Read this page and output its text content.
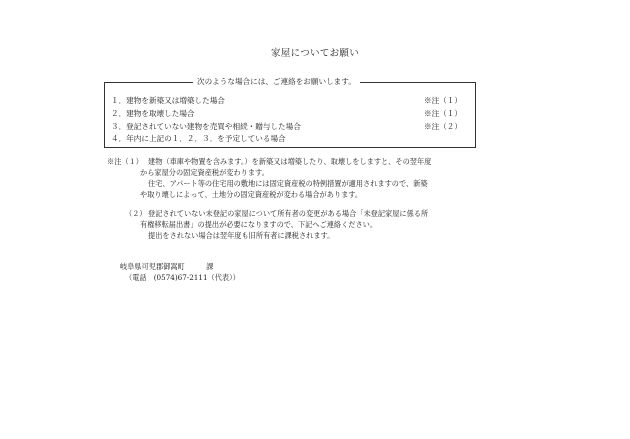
家屋についてお願い
次のような場合には、ご連絡をお願いします。
１．建物を新築又は増築した場合	※注（１）
２．建物を取壊した場合	※注（１）
３．登記されていない建物を売買や相続・贈与した場合	※注（２）
４．年内に上記の１．２．３．を予定している場合
※注（１） 建物（車庫や物置を含みます。）を新築又は増築したり、取壊しをしますと、その翌年度
から家屋分の固定資産税が変わります。
住宅、アパート等の住宅用の敷地には固定資産税の特例措置が適用されますので、新築
や取り壊しによって、土地分の固定資産税が変わる場合があります。
（２） 登記されていない未登記の家屋について所有者の変更がある場合「未登記家屋に係る所
有権移転届出書」の提出が必要になりますので、下記へご連絡ください。
提出をされない場合は翌年度も旧所有者に課税されます。
岐阜県可児郡御嵩町　　　課
（電話　(0574)67-2111（代表））
